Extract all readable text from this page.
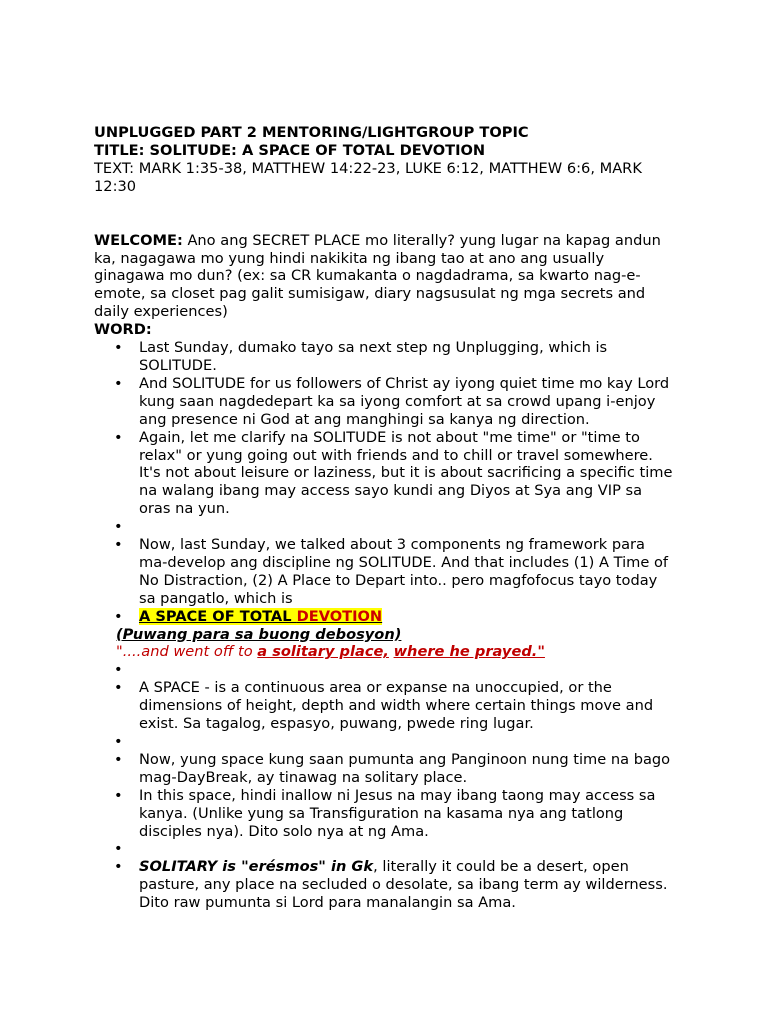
UNPLUGGED PART 2 MENTORING/LIGHTGROUP TOPIC
TITLE: SOLITUDE: A SPACE OF TOTAL DEVOTION
TEXT: MARK 1:35-38, MATTHEW 14:22-23, LUKE 6:12, MATTHEW 6:6, MARK 12:30
WELCOME: Ano ang SECRET PLACE mo literally? yung lugar na kapag andun ka, nagagawa mo yung hindi nakikita ng ibang tao at ano ang usually ginagawa mo dun? (ex: sa CR kumakanta o nagdadrama, sa kwarto nag-e-emote, sa closet pag galit sumisigaw, diary nagsusulat ng mga secrets and daily experiences)
WORD:
• Last Sunday, dumako tayo sa next step ng Unplugging, which is SOLITUDE.
• And SOLITUDE for us followers of Christ ay iyong quiet time mo kay Lord kung saan nagdedepart ka sa iyong comfort at sa crowd upang i-enjoy ang presence ni God at ang manghingi sa kanya ng direction.
• Again, let me clarify na SOLITUDE is not about "me time" or "time to relax" or yung going out with friends and to chill or travel somewhere. It's not about leisure or laziness, but it is about sacrificing a specific time na walang ibang may access sayo kundi ang Diyos at Sya ang VIP sa oras na yun.
•
• Now, last Sunday, we talked about 3 components ng framework para ma-develop ang discipline ng SOLITUDE. And that includes (1) A Time of No Distraction, (2) A Place to Depart into.. pero magfofocus tayo today sa pangatlo, which is
• A SPACE OF TOTAL DEVOTION
(Puwang para sa buong debosyon)
"....and went off to a solitary place, where he prayed."
•
• A SPACE - is a continuous area or expanse na unoccupied, or the dimensions of height, depth and width where certain things move and exist. Sa tagalog, espasyo, puwang, pwede ring lugar.
•
• Now, yung space kung saan pumunta ang Panginoon nung time na bago mag-DayBreak, ay tinawag na solitary place.
• In this space, hindi inallow ni Jesus na may ibang taong may access sa kanya. (Unlike yung sa Transfiguration na kasama nya ang tatlong disciples nya). Dito solo nya at ng Ama.
•
• SOLITARY is "erésmos" in Gk, literally it could be a desert, open pasture, any place na secluded o desolate, sa ibang term ay wilderness. Dito raw pumunta si Lord para manalangin sa Ama.
